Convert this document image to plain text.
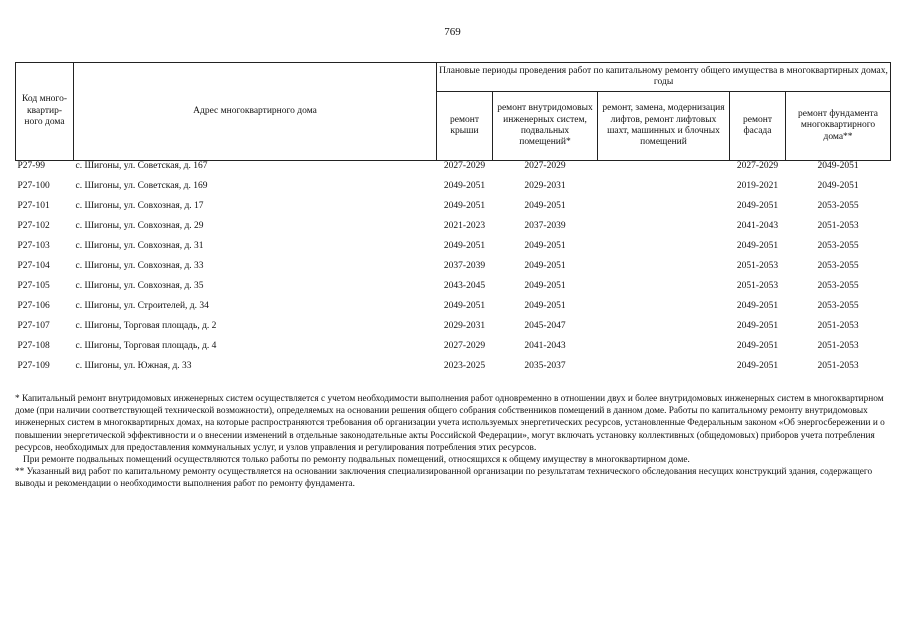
769
Код много-квартир-ного дома	Адрес многоквартирного дома	Плановые периоды проведения работ по капитальному ремонту общего имущества в многоквартирных домах, годы				
		ремонт крыши	ремонт внутридомовых инженерных систем, подвальных помещений*	ремонт, замена, модернизация лифтов, ремонт лифтовых шахт, машинных и блочных помещений	ремонт фасада	ремонт фундамента многоквартирного дома**
Р27-99	с. Шигоны, ул. Советская, д. 167	2027-2029	2027-2029		2027-2029	2049-2051
Р27-100	с. Шигоны, ул. Советская, д. 169	2049-2051	2029-2031		2019-2021	2049-2051
Р27-101	с. Шигоны, ул. Совхозная, д. 17	2049-2051	2049-2051		2049-2051	2053-2055
Р27-102	с. Шигоны, ул. Совхозная, д. 29	2021-2023	2037-2039		2041-2043	2051-2053
Р27-103	с. Шигоны, ул. Совхозная, д. 31	2049-2051	2049-2051		2049-2051	2053-2055
Р27-104	с. Шигоны, ул. Совхозная, д. 33	2037-2039	2049-2051		2051-2053	2053-2055
Р27-105	с. Шигоны, ул. Совхозная, д. 35	2043-2045	2049-2051		2051-2053	2053-2055
Р27-106	с. Шигоны, ул. Строителей, д. 34	2049-2051	2049-2051		2049-2051	2053-2055
Р27-107	с. Шигоны, Торговая площадь, д. 2	2029-2031	2045-2047		2049-2051	2051-2053
Р27-108	с. Шигоны, Торговая площадь, д. 4	2027-2029	2041-2043		2049-2051	2051-2053
Р27-109	с. Шигоны, ул. Южная, д. 33	2023-2025	2035-2037		2049-2051	2051-2053

* Капитальный ремонт внутридомовых инженерных систем осуществляется с учетом необходимости выполнения работ одновременно в отношении двух и более внутридомовых инженерных систем в многоквартирном доме (при наличии соответствующей технической возможности), определяемых на основании решения общего собрания собственников помещений в данном доме. Работы по капитальному ремонту внутридомовых инженерных систем в многоквартирных домах, на которые распространяются требования об организации учета используемых энергетических ресурсов, установленные Федеральным законом «Об энергосбережении и о повышении энергетической эффективности и о внесении изменений в отдельные законодательные акты Российской Федерации», могут включать установку коллективных (общедомовых) приборов учета потребления ресурсов, необходимых для предоставления коммунальных услуг, и узлов управления и регулирования потребления этих ресурсов.

При ремонте подвальных помещений осуществляются только работы по ремонту подвальных помещений, относящихся к общему имуществу в многоквартирном доме.

** Указанный вид работ по капитальному ремонту осуществляется на основании заключения специализированной организации по результатам технического обследования несущих конструкций здания, содержащего выводы и рекомендации о необходимости выполнения работ по ремонту фундамента.
